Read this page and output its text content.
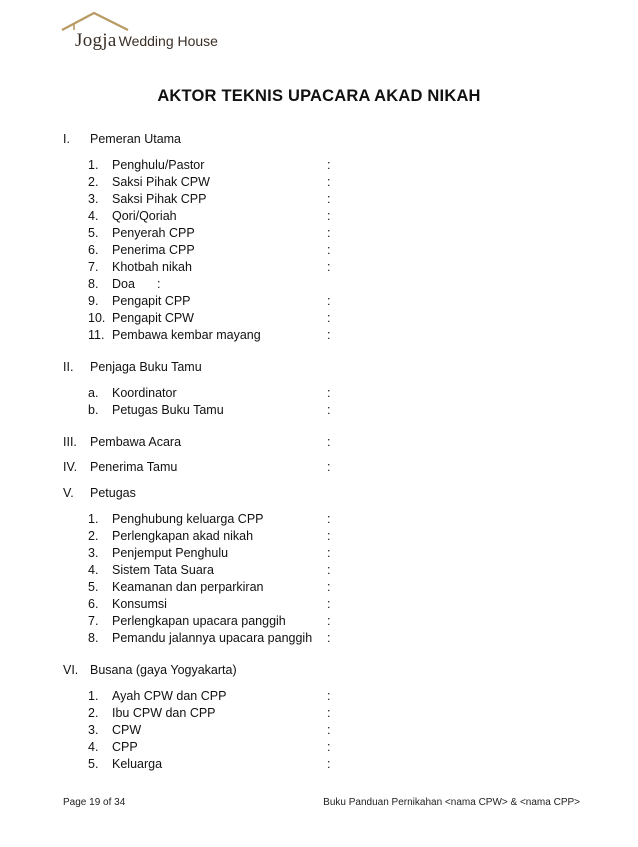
Jogja Wedding House
AKTOR TEKNIS UPACARA AKAD NIKAH
I. Pemeran Utama
1. Penghulu/Pastor	:
2. Saksi Pihak CPW	:
3. Saksi Pihak CPP	:
4. Qori/Qoriah	:
5. Penyerah CPP	:
6. Penerima CPP	:
7. Khotbah nikah	:
8. Doa :
9. Pengapit CPP	:
10. Pengapit CPW	:
11. Pembawa kembar mayang	:
II. Penjaga Buku Tamu
a. Koordinator	:
b. Petugas Buku Tamu	:
III. Pembawa Acara	:
IV. Penerima Tamu	:
V. Petugas
1. Penghubung keluarga CPP	:
2. Perlengkapan akad nikah	:
3. Penjemput Penghulu	:
4. Sistem Tata Suara	:
5. Keamanan dan perparkiran	:
6. Konsumsi	:
7. Perlengkapan upacara panggih	:
8. Pemandu jalannya upacara panggih :
VI. Busana (gaya Yogyakarta)
1. Ayah CPW dan CPP	:
2. Ibu CPW dan CPP	:
3. CPW	:
4. CPP	:
5. Keluarga	:
Page 19 of 34	Buku Panduan Pernikahan <nama CPW> & <nama CPP>
